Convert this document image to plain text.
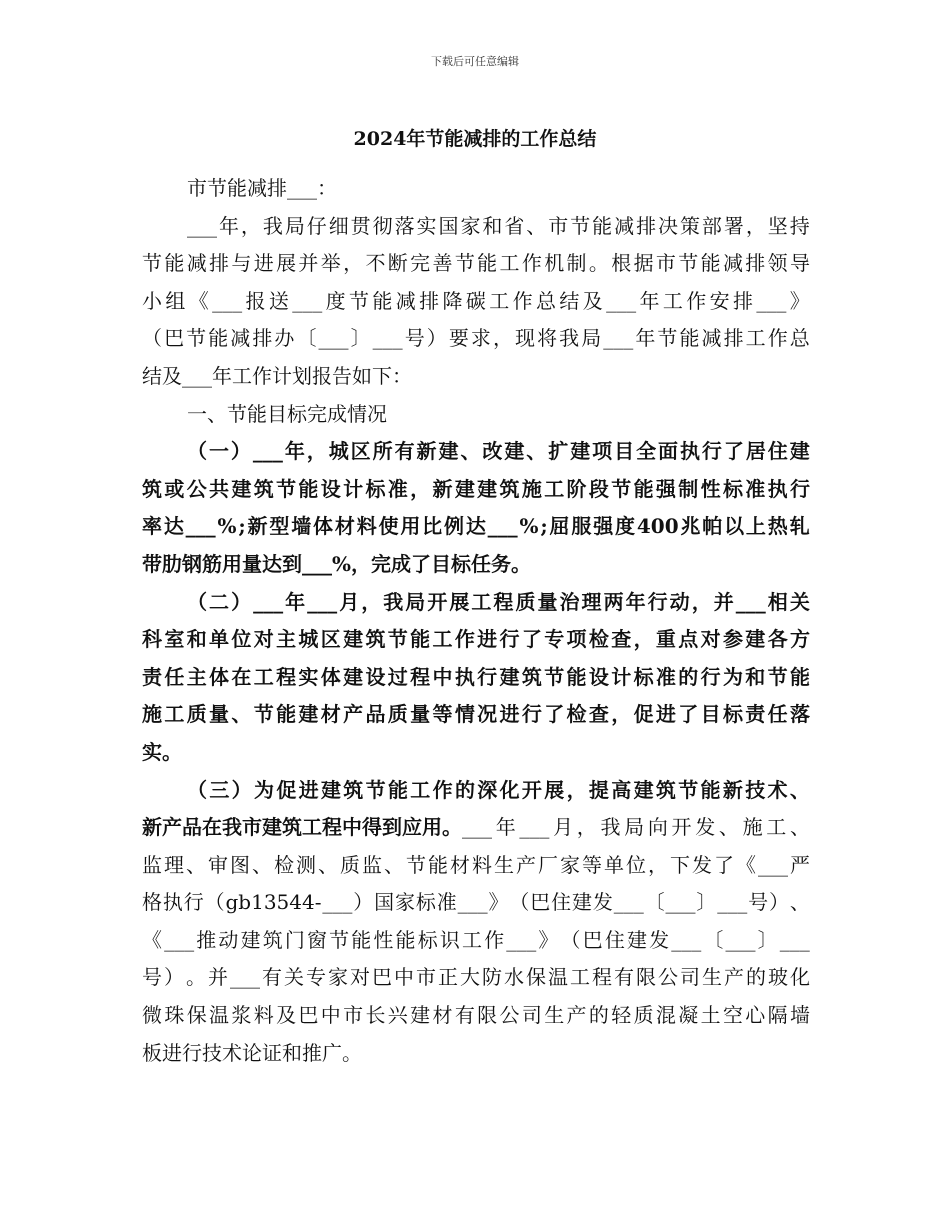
下载后可任意编辑
2024年节能减排的工作总结

市节能减排___：

___ 年 ， 我 局 仔 细 贯 彻 落 实 国 家 和 省 、 市 节 能 减 排 决 策 部 署 ， 坚 持
节 能 减 排 与 进 展 并 举 ， 不 断 完 善 节 能 工 作 机 制 。 根 据 市 节 能 减 排 领 导
小 组 《 ___ 报 送 ___ 度 节 能 减 排 降 碳 工 作 总 结 及 ___ 年 工 作 安 排 ___ 》
（ 巴 节 能 减 排 办 〔 ___ 〕 ___ 号 ） 要 求 ， 现 将 我 局 ___ 年 节 能 减 排 工 作 总
结及___年工作计划报告如下：

一、节能目标完成情况

（ 一 ） ___ 年 ， 城 区 所 有 新 建 、 改 建 、 扩 建 项 目 全 面 执 行 了 居 住 建
筑 或 公 共 建 筑 节 能 设 计 标 准 ， 新 建 建 筑 施 工 阶 段 节 能 强 制 性 标 准 执 行
率 达 ___ % ; 新 型 墙 体 材 料 使 用 比 例 达 ___ % ; 屈 服 强 度 400 兆 帕 以 上 热 轧
带肋钢筋用量达到___%，完成了目标任务。
（ 二 ） ___ 年 ___ 月 ， 我 局 开 展 工 程 质 量 治 理 两 年 行 动 ， 并 ___ 相 关
科 室 和 单 位 对 主 城 区 建 筑 节 能 工 作 进 行 了 专 项 检 查 ， 重 点 对 参 建 各 方
责 任 主 体 在 工 程 实 体 建 设 过 程 中 执 行 建 筑 节 能 设 计 标 准 的 行 为 和 节 能
施 工 质 量 、 节 能 建 材 产 品 质 量 等 情 况 进 行 了 检 查 ， 促 进 了 目 标 责 任 落
实。
（ 三 ） 为 促 进 建 筑 节 能 工 作 的 深 化 开 展 ， 提 高 建 筑 节 能 新 技 术 、
新产品在我市建筑工程中得到应用。 ___ 年 ___ 月 ， 我 局 向 开 发 、 施 工 、
监 理 、 审 图 、 检 测 、 质 监 、 节 能 材 料 生 产 厂 家 等 单 位 ， 下 发 了 《 ___ 严
格 执 行 （ gb13544- ___ ） 国 家 标 准 ___ 》 （ 巴 住 建 发 ___ 〔 ___ 〕 ___ 号 ） 、
《 ___ 推 动 建 筑 门 窗 节 能 性 能 标 识 工 作 ___ 》 （ 巴 住 建 发 ___ 〔 ___ 〕 ___
号 ） 。 并 ___ 有 关 专 家 对 巴 中 市 正 大 防 水 保 温 工 程 有 限 公 司 生 产 的 玻 化
微 珠 保 温 浆 料 及 巴 中 市 长 兴 建 材 有 限 公 司 生 产 的 轻 质 混 凝 土 空 心 隔 墙
板进行技术论证和推广。
